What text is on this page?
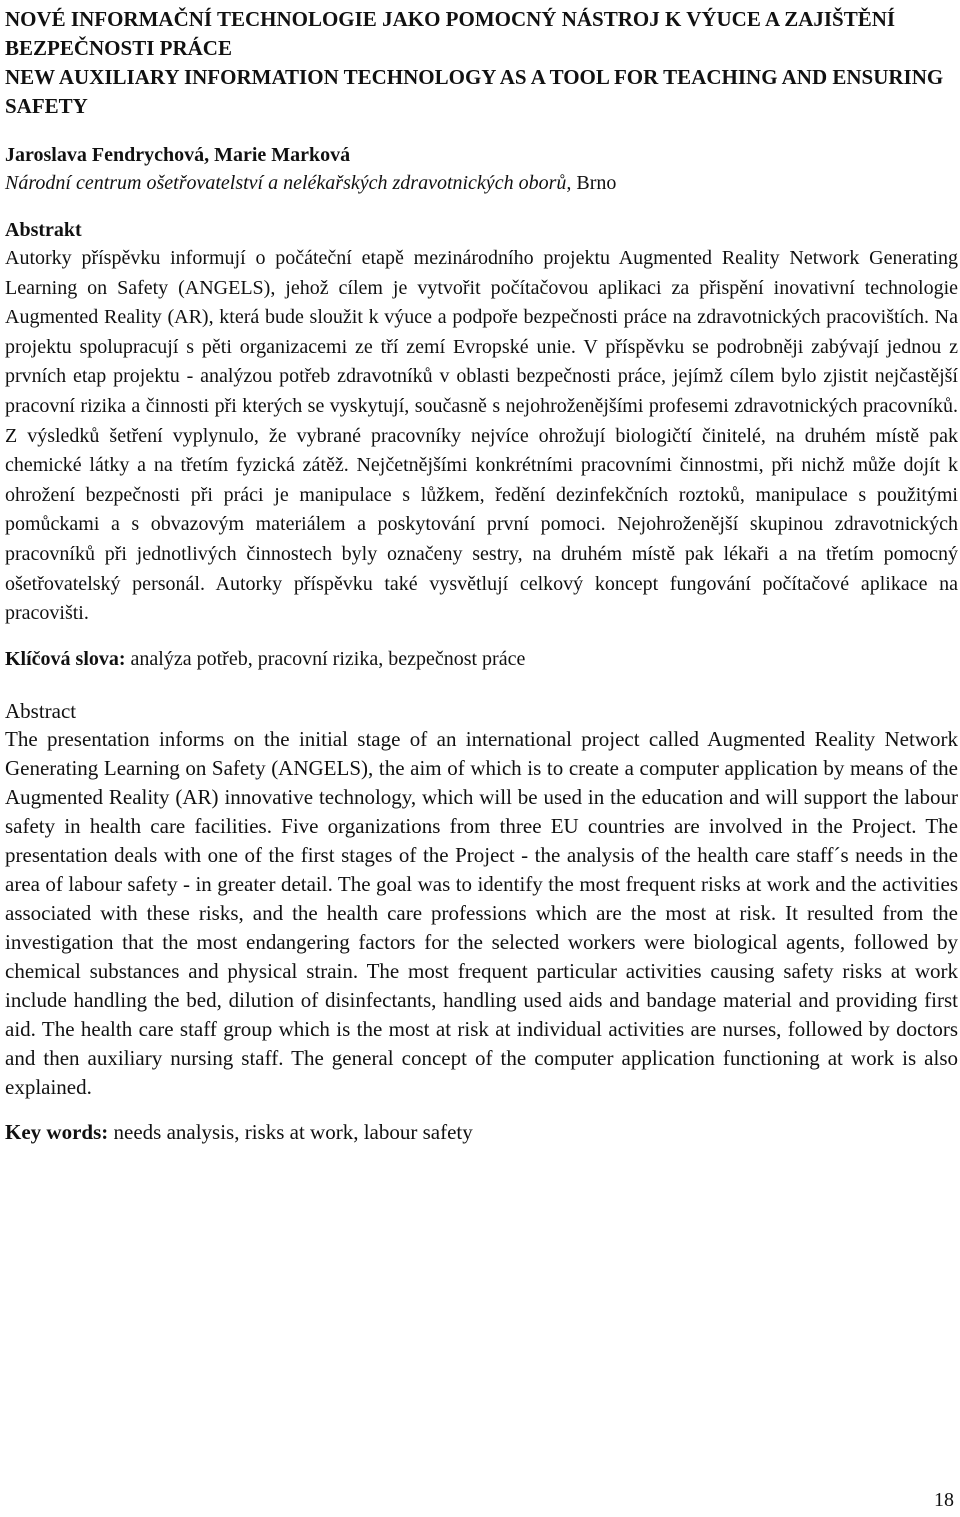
NOVÉ INFORMAČNÍ TECHNOLOGIE JAKO POMOCNÝ NÁSTROJ K VÝUCE A ZAJIŠTĚNÍ BEZPEČNOSTI PRÁCE

NEW AUXILIARY INFORMATION TECHNOLOGY AS A TOOL FOR TEACHING AND ENSURING SAFETY

Jaroslava Fendrychová, Marie Marková
Národní centrum ošetřovatelství a nelékařských zdravotnických oborů, Brno
Abstrakt

Autorky příspěvku informují o počáteční etapě mezinárodního projektu Augmented Reality Network Generating Learning on Safety (ANGELS), jehož cílem je vytvořit počítačovou aplikaci za přispění inovativní technologie Augmented Reality (AR), která bude sloužit k výuce a podpoře bezpečnosti práce na zdravotnických pracovištích. Na projektu spolupracují s pěti organizacemi ze tří zemí Evropské unie. V příspěvku se podrobněji zabývají jednou z prvních etap projektu - analýzou potřeb zdravotníků v oblasti bezpečnosti práce, jejímž cílem bylo zjistit nejčastější pracovní rizika a činnosti při kterých se vyskytují, současně s nejohroženějšími profesemi zdravotnických pracovníků. Z výsledků šetření vyplynulo, že vybrané pracovníky nejvíce ohrožují biologičtí činitelé, na druhém místě pak chemické látky a na třetím fyzická zátěž. Nejčetnějšími konkrétními pracovními činnostmi, při nichž může dojít k ohrožení bezpečnosti při práci je manipulace s lůžkem, ředění dezinfekčních roztoků, manipulace s použitými pomůckami a s obvazovým materiálem a poskytování první pomoci. Nejohroženější skupinou zdravotnických pracovníků při jednotlivých činnostech byly označeny sestry, na druhém místě pak lékaři a na třetím pomocný ošetřovatelský personál. Autorky příspěvku také vysvětlují celkový koncept fungování počítačové aplikace na pracovišti.

Klíčová slova: analýza potřeb, pracovní rizika, bezpečnost práce
Abstract

The presentation informs on the initial stage of an international project called Augmented Reality Network Generating Learning on Safety (ANGELS), the aim of which is to create a computer application by means of the Augmented Reality (AR) innovative technology, which will be used in the education and will support the labour safety in health care facilities. Five organizations from three EU countries are involved in the Project. The presentation deals with one of the first stages of the Project - the analysis of the health care staff´s needs in the area of labour safety - in greater detail. The goal was to identify the most frequent risks at work and the activities associated with these risks, and the health care professions which are the most at risk. It resulted from the investigation that the most endangering factors for the selected workers were biological agents, followed by chemical substances and physical strain. The most frequent particular activities causing safety risks at work include handling the bed, dilution of disinfectants, handling used aids and bandage material and providing first aid. The health care staff group which is the most at risk at individual activities are nurses, followed by doctors and then auxiliary nursing staff. The general concept of the computer application functioning at work is also explained.

Key words: needs analysis, risks at work, labour safety
18
